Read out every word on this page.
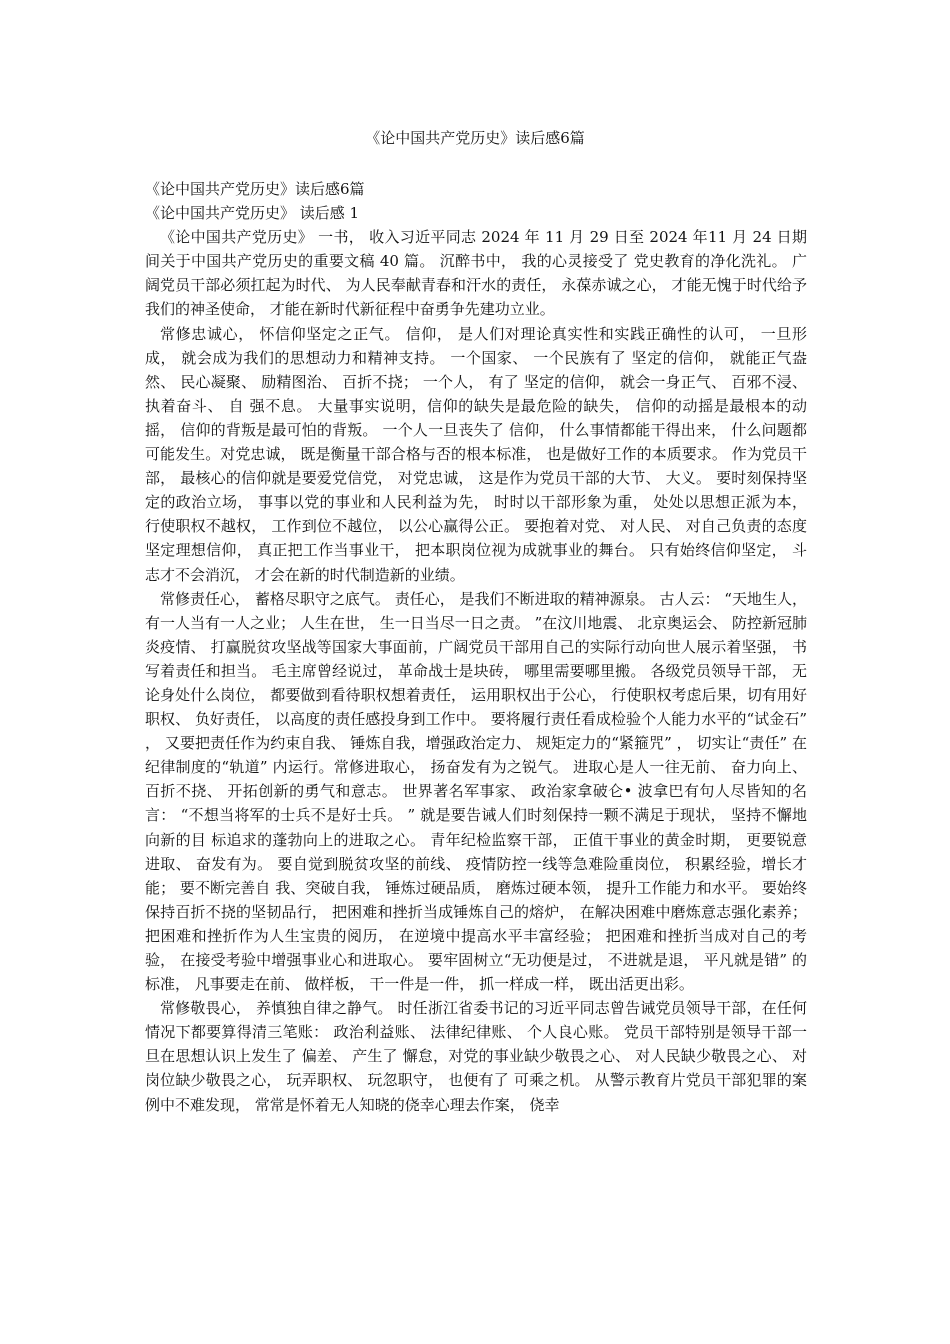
《论中国共产党历史》读后感6篇

《论中国共产党历史》读后感6篇

《论中国共产党历史》 读后感 1

《论中国共产党历史》 一书， 收入习近平同志 2024 年 11 月 29 日至 2024 年11 月 24 日期间关于中国共产党历史的重要文稿 40 篇。 沉醉书中， 我的心灵接受了 党史教育的净化洗礼。 广阔党员干部必须扛起为时代、 为人民奉献青春和汗水的责任， 永葆赤诚之心， 才能无愧于时代给予我们的神圣使命， 才能在新时代新征程中奋勇争先建功立业。

常修忠诚心， 怀信仰坚定之正气。 信仰， 是人们对理论真实性和实践正确性的认可， 一旦形成， 就会成为我们的思想动力和精神支持。 一个国家、 一个民族有了 坚定的信仰， 就能正气盎然、 民心凝聚、 励精图治、 百折不挠； 一个人， 有了 坚定的信仰， 就会一身正气、 百邪不浸、 执着奋斗、 自 强不息。 大量事实说明，信仰的缺失是最危险的缺失， 信仰的动摇是最根本的动摇， 信仰的背叛是最可怕的背叛。 一个人一旦丧失了 信仰， 什么事情都能干得出来， 什么问题都可能发生。对党忠诚， 既是衡量干部合格与否的根本标准， 也是做好工作的本质要求。 作为党员干部， 最核心的信仰就是要爱党信党， 对党忠诚， 这是作为党员干部的大节、 大义。 要时刻保持坚定的政治立场， 事事以党的事业和人民利益为先， 时时以干部形象为重， 处处以思想正派为本， 行使职权不越权， 工作到位不越位， 以公心赢得公正。 要抱着对党、 对人民、 对自己负责的态度坚定理想信仰， 真正把工作当事业干， 把本职岗位视为成就事业的舞台。 只有始终信仰坚定， 斗志才不会消沉， 才会在新的时代制造新的业绩。

常修责任心， 蓄格尽职守之底气。 责任心， 是我们不断进取的精神源泉。 古人云： “天地生人， 有一人当有一人之业； 人生在世， 生一日当尽一日之责。 ”在汶川地震、 北京奥运会、 防控新冠肺炎疫情、 打赢脱贫攻坚战等国家大事面前，广阔党员干部用自己的实际行动向世人展示着坚强， 书写着责任和担当。 毛主席曾经说过， 革命战士是块砖， 哪里需要哪里搬。 各级党员领导干部， 无论身处什么岗位， 都要做到看待职权想着责任， 运用职权出于公心， 行使职权考虑后果，切有用好职权、 负好责任， 以高度的责任感投身到工作中。 要将履行责任看成检验个人能力水平的“试金石” ， 又要把责任作为约束自我、 锤炼自我，增强政治定力、 规矩定力的“紧箍咒” ， 切实让“责任” 在纪律制度的“轨道” 内运行。常修进取心， 扬奋发有为之锐气。 进取心是人一往无前、 奋力向上、 百折不挠、 开拓创新的勇气和意志。 世界著名军事家、 政治家拿破仑• 波拿巴有句人尽皆知的名言： “不想当将军的士兵不是好士兵。 ” 就是要告诫人们时刻保持一颗不满足于现状， 坚持不懈地向新的目 标追求的蓬勃向上的进取之心。 青年纪检监察干部， 正值干事业的黄金时期， 更要锐意进取、 奋发有为。 要自觉到脱贫攻坚的前线、 疫情防控一线等急难险重岗位， 积累经验，增长才能； 要不断完善自 我、突破自我， 锤炼过硬品质， 磨炼过硬本领， 提升工作能力和水平。 要始终保持百折不挠的坚韧品行， 把困难和挫折当成锤炼自己的熔炉， 在解决困难中磨炼意志强化素养； 把困难和挫折作为人生宝贵的阅历， 在逆境中提高水平丰富经验； 把困难和挫折当成对自己的考验， 在接受考验中增强事业心和进取心。 要牢固树立“无功便是过， 不进就是退， 平凡就是错” 的标准， 凡事要走在前、 做样板， 干一件是一件， 抓一样成一样， 既出活更出彩。

常修敬畏心， 养慎独自律之静气。 时任浙江省委书记的习近平同志曾告诫党员领导干部，在任何情况下都要算得清三笔账： 政治利益账、 法律纪律账、 个人良心账。 党员干部特别是领导干部一旦在思想认识上发生了 偏差、 产生了 懈怠，对党的事业缺少敬畏之心、 对人民缺少敬畏之心、 对岗位缺少敬畏之心， 玩弄职权、 玩忽职守， 也便有了 可乘之机。 从警示教育片党员干部犯罪的案例中不难发现， 常常是怀着无人知晓的侥幸心理去作案， 侥幸
